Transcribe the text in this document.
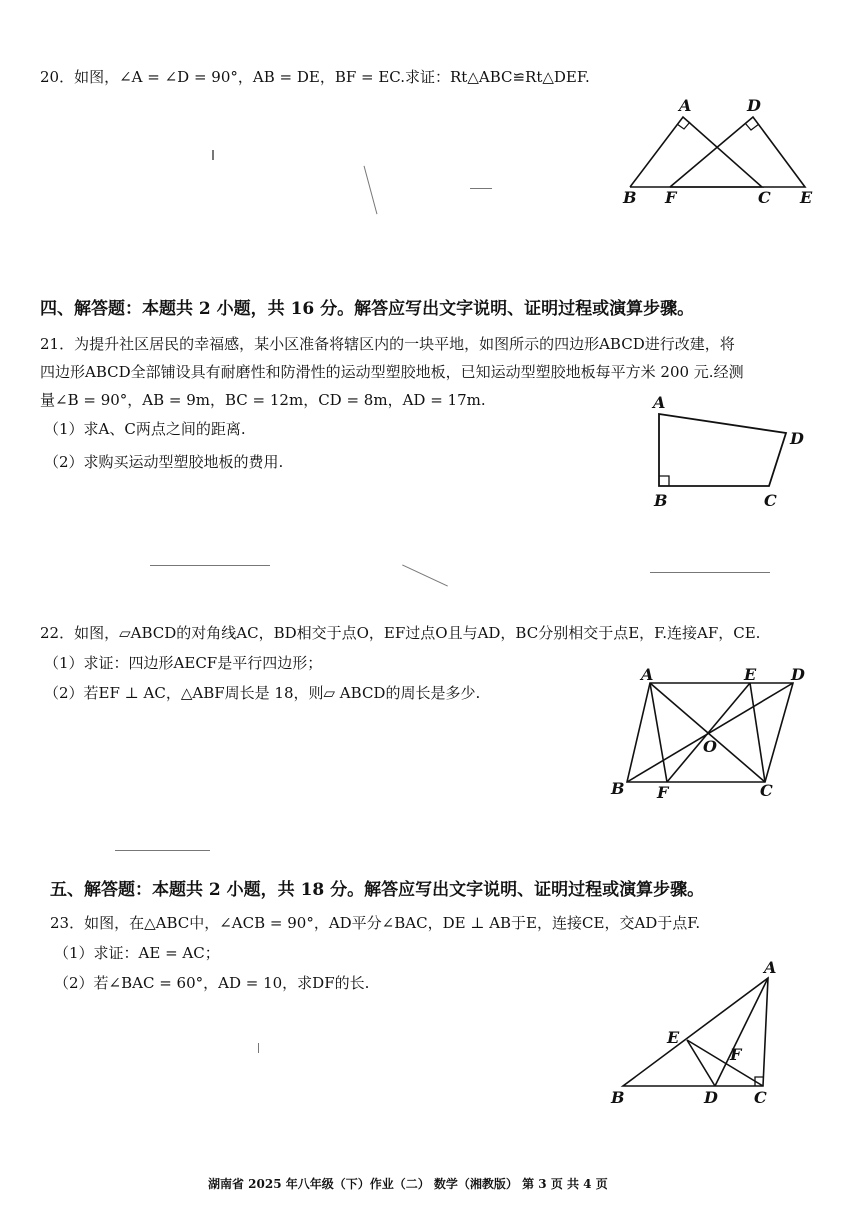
20．如图，∠A = ∠D = 90°，AB = DE，BF = EC.求证：Rt△ABC≌Rt△DEF.
A	D
B F	C E
四、解答题：本题共 2 小题，共 16 分。解答应写出文字说明、证明过程或演算步骤。
21．为提升社区居民的幸福感，某小区准备将辖区内的一块平地，如图所示的四边形ABCD进行改建，将
四边形ABCD全部铺设具有耐磨性和防滑性的运动型塑胶地板，已知运动型塑胶地板每平方米 200 元.经测
量∠B = 90°，AB = 9m，BC = 12m，CD = 8m，AD = 17m.
（1）求A、C两点之间的距离.
（2）求购买运动型塑胶地板的费用.
A
D
B	C
22．如图，▱ABCD的对角线AC，BD相交于点O，EF过点O且与AD，BC分别相交于点E，F.连接AF，CE.
（1）求证：四边形AECF是平行四边形；
（2）若EF ⊥ AC，△ABF周长是 18，则▱ ABCD的周长是多少.
A	E D
O
B F	C
五、解答题：本题共 2 小题，共 18 分。解答应写出文字说明、证明过程或演算步骤。
23．如图，在△ABC中，∠ACB = 90°，AD平分∠BAC，DE ⊥ AB于E，连接CE，交AD于点F.
（1）求证：AE = AC；
（2）若∠BAC = 60°，AD = 10，求DF的长.
A
E
F
B	D C
湖南省 2025 年八年级（下）作业（二） 数学（湘教版） 第 3 页 共 4 页
